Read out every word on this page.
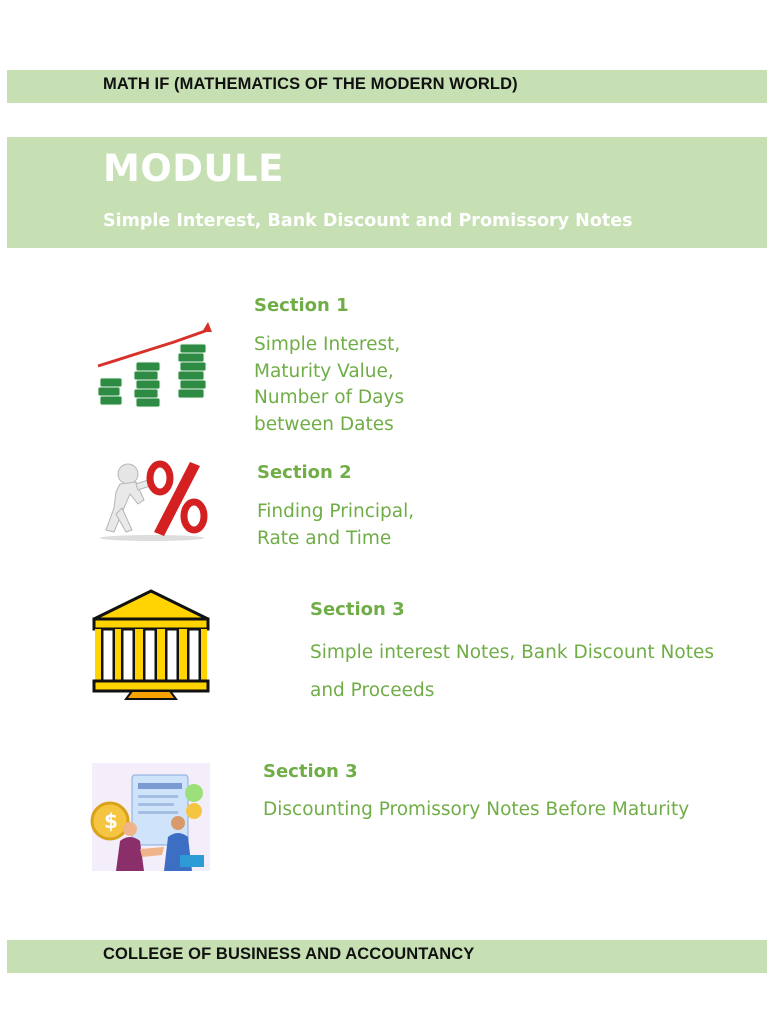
MATH IF (MATHEMATICS OF THE MODERN WORLD)
MODULE
Simple Interest, Bank Discount and Promissory Notes
Section 1
Simple Interest,
Maturity Value,
Number of Days
between Dates
Section 2
Finding Principal,
Rate and Time
Section 3
Simple interest Notes, Bank Discount Notes
and Proceeds
$
Section 3
Discounting Promissory Notes Before Maturity
COLLEGE OF BUSINESS AND ACCOUNTANCY
